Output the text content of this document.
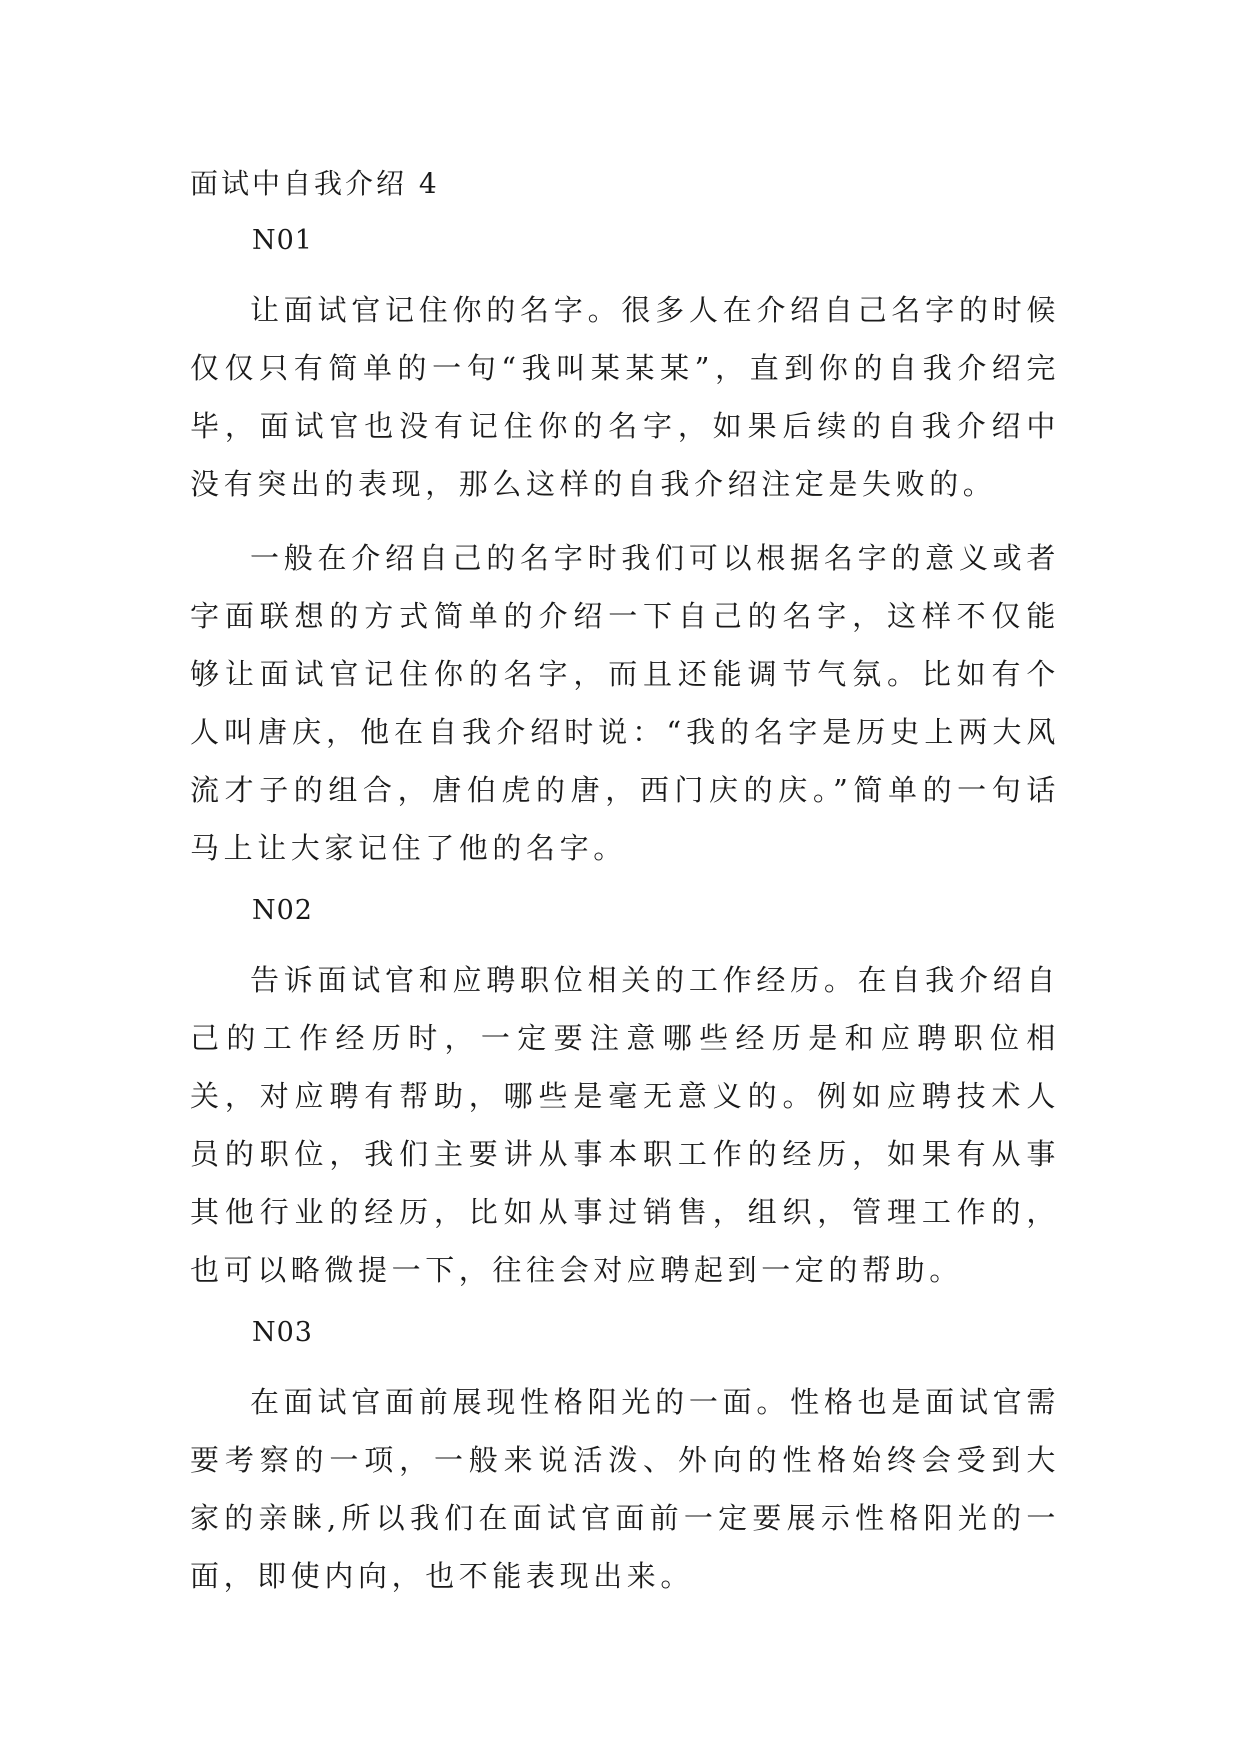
面试中自我介绍 4
N01

让面试官记住你的名字。很多人在介绍自己名字的时候仅仅只有简单的一句“我叫某某某”，直到你的自我介绍完毕，面试官也没有记住你的名字，如果后续的自我介绍中没有突出的表现，那么这样的自我介绍注定是失败的。

一般在介绍自己的名字时我们可以根据名字的意义或者字面联想的方式简单的介绍一下自己的名字，这样不仅能够让面试官记住你的名字，而且还能调节气氛。比如有个人叫唐庆，他在自我介绍时说：“我的名字是历史上两大风流才子的组合，唐伯虎的唐，西门庆的庆。”简单的一句话马上让大家记住了他的名字。

N02

告诉面试官和应聘职位相关的工作经历。在自我介绍自己的工作经历时，一定要注意哪些经历是和应聘职位相关，对应聘有帮助，哪些是毫无意义的。例如应聘技术人员的职位，我们主要讲从事本职工作的经历，如果有从事其他行业的经历，比如从事过销售，组织，管理工作的，也可以略微提一下，往往会对应聘起到一定的帮助。

N03

在面试官面前展现性格阳光的一面。性格也是面试官需要考察的一项，一般来说活泼、外向的性格始终会受到大家的亲睐,所以我们在面试官面前一定要展示性格阳光的一面，即使内向，也不能表现出来。
